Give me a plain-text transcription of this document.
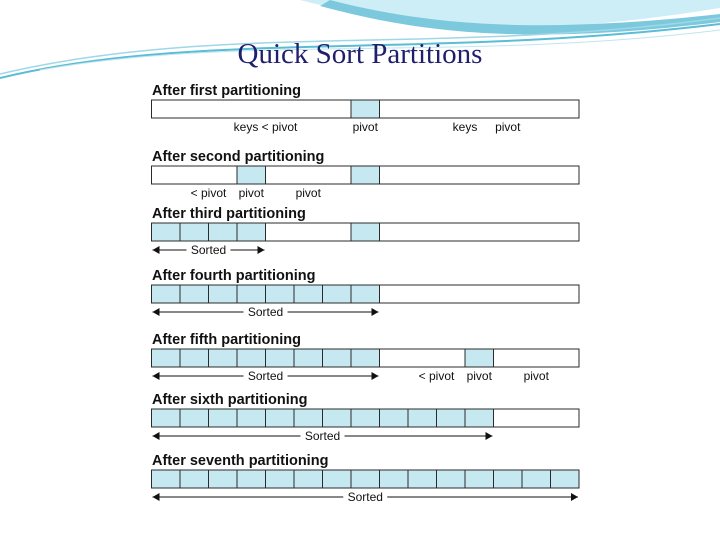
Quick Sort Partitions
After first partitioning
keys < pivot	pivot	keys pivot
After second partitioning
< pivot pivot	pivot
After third partitioning
Sorted
After fourth partitioning
Sorted
After fifth partitioning
< pivot pivot	pivot
Sorted
After sixth partitioning
Sorted
After seventh partitioning
Sorted
